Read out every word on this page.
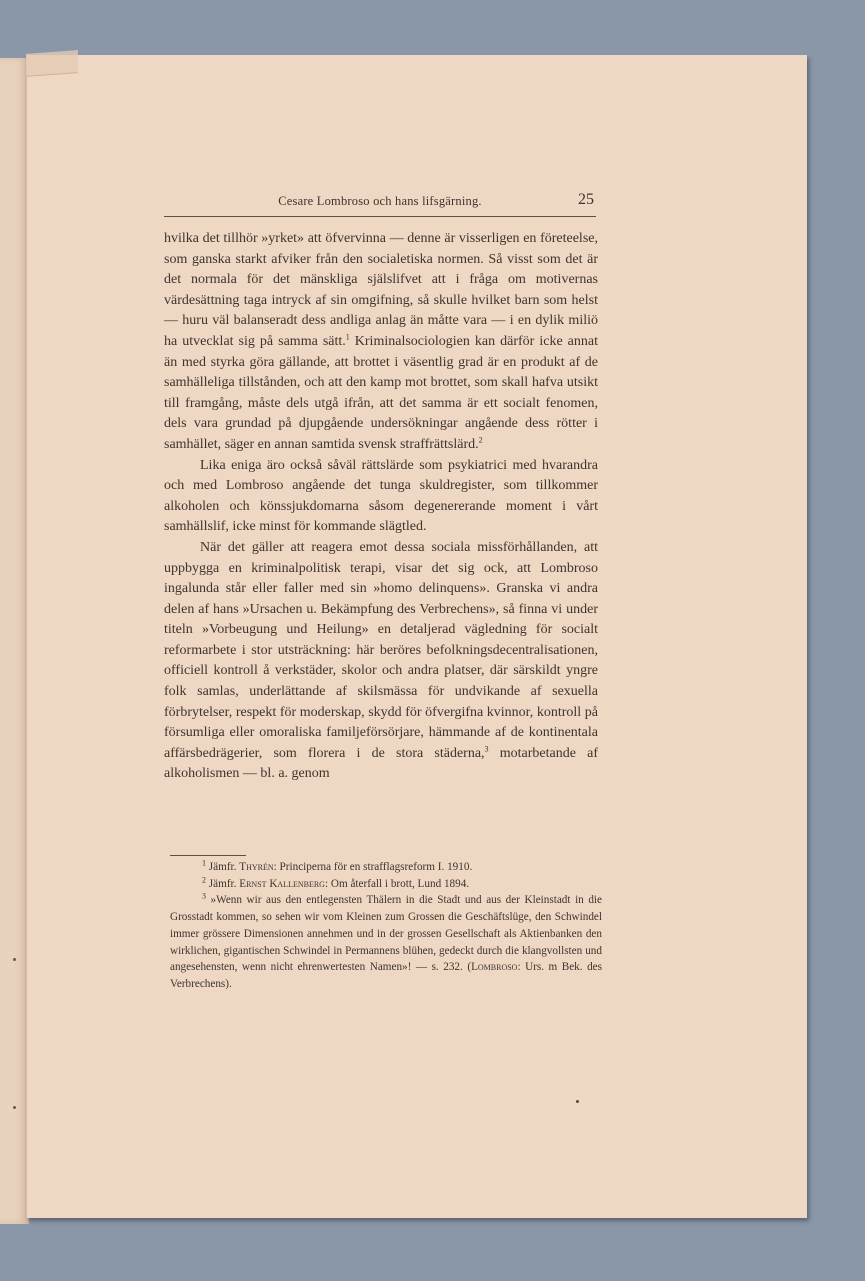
Cesare Lombroso och hans lifsgärning.	25

hvilka det tillhör »yrket» att öfvervinna — denne är visserligen en företeelse, som ganska starkt afviker från den socialetiska normen. Så visst som det är det normala för det mänskliga själslifvet att i fråga om motivernas värdesättning taga intryck af sin omgifning, så skulle hvilket barn som helst — huru väl balanseradt dess andliga anlag än måtte vara — i en dylik miliö ha utvecklat sig på samma sätt.$^1$ Kriminalsociologien kan därför icke annat än med styrka göra gällande, att brottet i väsentlig grad är en produkt af de samhälleliga tillstånden, och att den kamp mot brottet, som skall hafva utsikt till framgång, måste dels utgå ifrån, att det samma är ett socialt fenomen, dels vara grundad på djupgående undersökningar angående dess rötter i samhället, säger en annan samtida svensk straffrättslärd.$^2$

Lika eniga äro också såväl rättslärde som psykiatrici med hvarandra och med Lombroso angående det tunga skuldregister, som tillkommer alkoholen och könssjukdomarna såsom degenererande moment i vårt samhällslif, icke minst för kommande slägtled.

När det gäller att reagera emot dessa sociala missförhållanden, att uppbygga en kriminalpolitisk terapi, visar det sig ock, att Lombroso ingalunda står eller faller med sin »homo delinquens». Granska vi andra delen af hans »Ursachen u. Bekämpfung des Verbrechens», så finna vi under titeln »Vorbeugung und Heilung» en detaljerad vägledning för socialt reformarbete i stor utsträckning: här beröres befolkningsdecentralisationen, officiell kontroll å verkstäder, skolor och andra platser, där särskildt yngre folk samlas, underlättande af skilsmässa för undvikande af sexuella förbrytelser, respekt för moderskap, skydd för öfvergifna kvinnor, kontroll på försumliga eller omoraliska familjeförsörjare, hämmande af de kontinentala affärsbedrägerier, som florera i de stora städerna,$^3$ motarbetande af alkoholismen — bl. a. genom

$^1$ Jämfr. Thyrén: Principerna för en strafflagsreform I. 1910.

$^2$ Jämfr. Ernst Kallenberg: Om återfall i brott, Lund 1894.

$^3$ »Wenn wir aus den entlegensten Thälern in die Stadt und aus der Kleinstadt in die Grosstadt kommen, so sehen wir vom Kleinen zum Grossen die Geschäftslüge, den Schwindel immer grössere Dimensionen annehmen und in der grossen Gesellschaft als Aktienbanken den wirklichen, gigantischen Schwindel in Permannens blühen, gedeckt durch die klangvollsten und angesehensten, wenn nicht ehrenwertesten Namen»! — s. 232. (Lombroso: Urs. m Bek. des Verbrechens).
